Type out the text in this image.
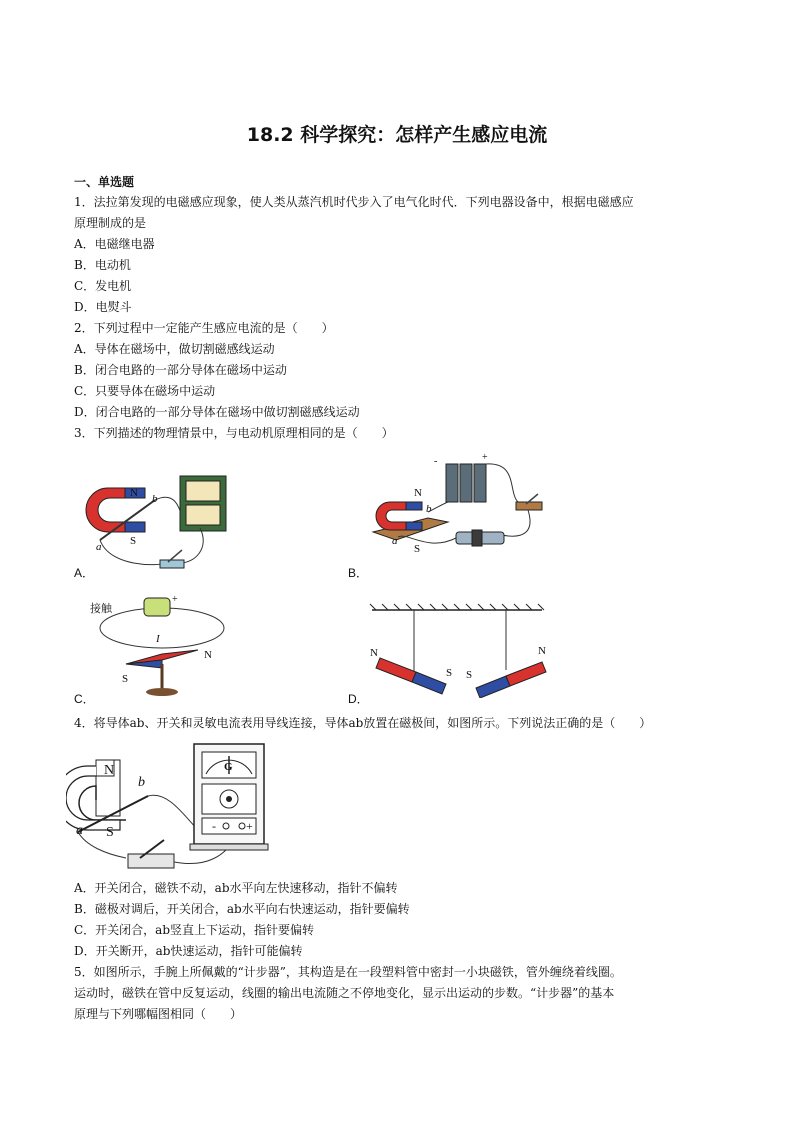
18.2 科学探究：怎样产生感应电流
一、单选题
1．法拉第发现的电磁感应现象，使人类从蒸汽机时代步入了电气化时代．下列电器设备中，根据电磁感应
原理制成的是
A．电磁继电器
B．电动机
C．发电机
D．电熨斗
2．下列过程中一定能产生感应电流的是（　　）
A．导体在磁场中，做切割磁感线运动
B．闭合电路的一部分导体在磁场中运动
C．只要导体在磁场中运动
D．闭合电路的一部分导体在磁场中做切割磁感线运动
3．下列描述的物理情景中，与电动机原理相同的是（　　）
N
S
b
a
A．
+
-
N
S
b
a
B．
接触
+
I
N
S
C．
N
S S
N
D．
4．将导体ab、开关和灵敏电流表用导线连接，导体ab放置在磁极间，如图所示。下列说法正确的是（　　）
N
S
b
a
G
-	+
A．开关闭合，磁铁不动，ab水平向左快速移动，指针不偏转
B．磁极对调后，开关闭合，ab水平向右快速运动，指针要偏转
C．开关闭合，ab竖直上下运动，指针要偏转
D．开关断开，ab快速运动，指针可能偏转
5．如图所示，手腕上所佩戴的“计步器”，其构造是在一段塑料管中密封一小块磁铁，管外缠绕着线圈。
运动时，磁铁在管中反复运动，线圈的输出电流随之不停地变化，显示出运动的步数。“计步器”的基本
原理与下列哪幅图相同（　　）
